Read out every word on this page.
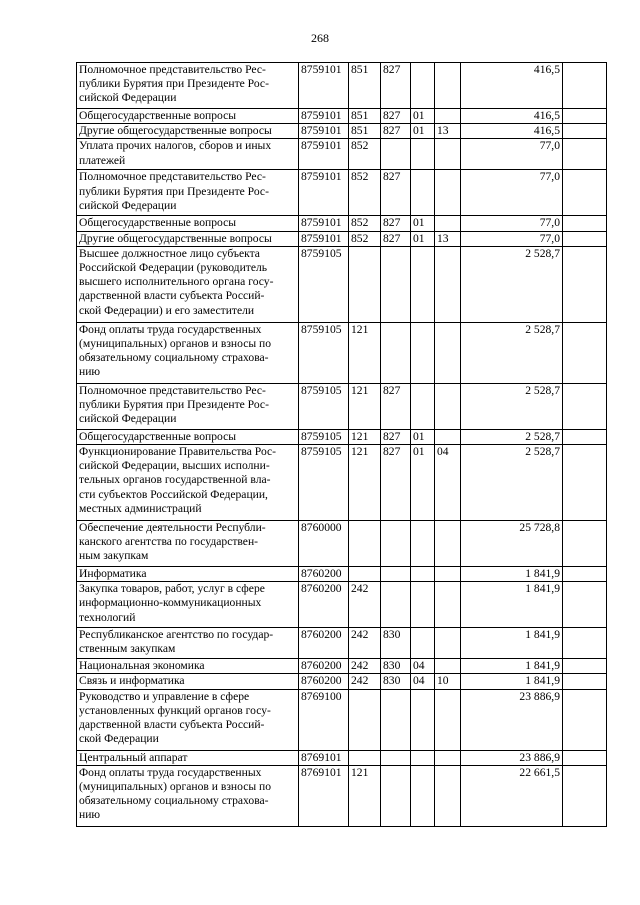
268
Полномочное представительство Рес-
публики Бурятия при Президенте Рос-
сийской Федерации	8759101	851	827			416,5	
Общегосударственные вопросы	8759101	851	827	01		416,5	
Другие общегосударственные вопросы	8759101	851	827	01	13	416,5	
Уплата прочих налогов, сборов и иных
платежей	8759101	852				77,0	
Полномочное представительство Рес-
публики Бурятия при Президенте Рос-
сийской Федерации	8759101	852	827			77,0	
Общегосударственные вопросы	8759101	852	827	01		77,0	
Другие общегосударственные вопросы	8759101	852	827	01	13	77,0	
Высшее должностное лицо субъекта
Российской Федерации (руководитель
высшего исполнительного органа госу-
дарственной власти субъекта Россий-
ской Федерации) и его заместители	8759105					2 528,7	
Фонд оплаты труда государственных
(муниципальных) органов и взносы по
обязательному социальному страхова-
нию	8759105	121				2 528,7	
Полномочное представительство Рес-
публики Бурятия при Президенте Рос-
сийской Федерации	8759105	121	827			2 528,7	
Общегосударственные вопросы	8759105	121	827	01		2 528,7	
Функционирование Правительства Рос-
сийской Федерации, высших исполни-
тельных органов государственной вла-
сти субъектов Российской Федерации,
местных администраций	8759105	121	827	01	04	2 528,7	
Обеспечение деятельности Республи-
канского агентства по государствен-
ным закупкам	8760000					25 728,8	
Информатика	8760200					1 841,9	
Закупка товаров, работ, услуг в сфере
информационно-коммуникационных
технологий	8760200	242				1 841,9	
Республиканское агентство по государ-
ственным закупкам	8760200	242	830			1 841,9	
Национальная экономика	8760200	242	830	04		1 841,9	
Связь и информатика	8760200	242	830	04	10	1 841,9	
Руководство и управление в сфере
установленных функций органов госу-
дарственной власти субъекта Россий-
ской Федерации	8769100					23 886,9	
Центральный аппарат	8769101					23 886,9	
Фонд оплаты труда государственных
(муниципальных) органов и взносы по
обязательному социальному страхова-
нию	8769101	121				22 661,5	
